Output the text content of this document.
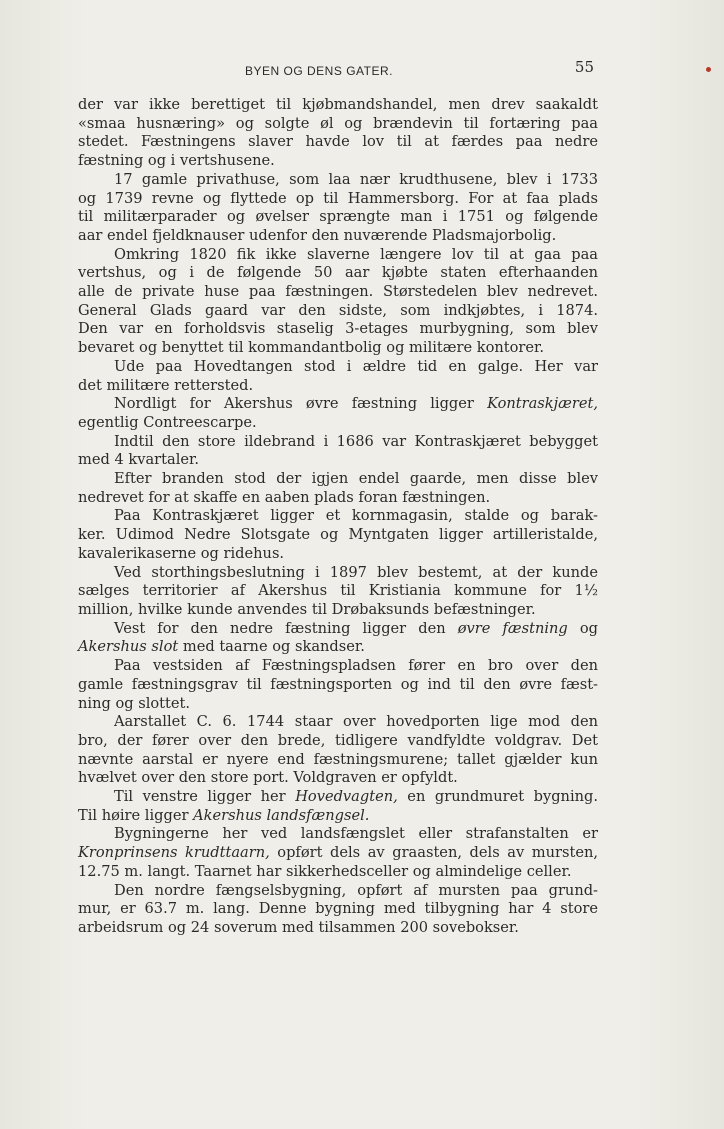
BYEN OG DENS GATER.	55
der var ikke berettiget til kjøbmandshandel, men drev saakaldt
«smaa husnæring» og solgte øl og brændevin til fortæring paa
stedet. Fæstningens slaver havde lov til at færdes paa nedre
fæstning og i vertshusene.
17 gamle privathuse, som laa nær krudthusene, blev i 1733
og 1739 revne og flyttede op til Hammersborg. For at faa plads
til militærparader og øvelser sprængte man i 1751 og følgende
aar endel fjeldknauser udenfor den nuværende Pladsmajorbolig.
Omkring 1820 fik ikke slaverne længere lov til at gaa paa
vertshus, og i de følgende 50 aar kjøbte staten efterhaanden
alle de private huse paa fæstningen. Størstedelen blev nedrevet.
General Glads gaard var den sidste, som indkjøbtes, i 1874.
Den var en forholdsvis staselig 3-etages murbygning, som blev
bevaret og benyttet til kommandantbolig og militære kontorer.
Ude paa Hovedtangen stod i ældre tid en galge. Her var
det militære rettersted.
Nordligt for Akershus øvre fæstning ligger Kontraskjæret,
egentlig Contreescarpe.
Indtil den store ildebrand i 1686 var Kontraskjæret bebygget
med 4 kvartaler.
Efter branden stod der igjen endel gaarde, men disse blev
nedrevet for at skaffe en aaben plads foran fæstningen.
Paa Kontraskjæret ligger et kornmagasin, stalde og barak-
ker. Udimod Nedre Slotsgate og Myntgaten ligger artilleristalde,
kavalerikaserne og ridehus.
Ved storthingsbeslutning i 1897 blev bestemt, at der kunde
sælges territorier af Akershus til Kristiania kommune for 1½
million, hvilke kunde anvendes til Drøbaksunds befæstninger.
Vest for den nedre fæstning ligger den øvre fæstning og
Akershus slot med taarne og skandser.
Paa vestsiden af Fæstningspladsen fører en bro over den
gamle fæstningsgrav til fæstningsporten og ind til den øvre fæst-
ning og slottet.
Aarstallet C. 6. 1744 staar over hovedporten lige mod den
bro, der fører over den brede, tidligere vandfyldte voldgrav. Det
nævnte aarstal er nyere end fæstningsmurene; tallet gjælder kun
hvælvet over den store port. Voldgraven er opfyldt.
Til venstre ligger her Hovedvagten, en grundmuret bygning.
Til høire ligger Akershus landsfængsel.
Bygningerne her ved landsfængslet eller strafanstalten er
Kronprinsens krudttaarn, opført dels av graasten, dels av mursten,
12.75 m. langt. Taarnet har sikkerhedsceller og almindelige celler.
Den nordre fængselsbygning, opført af mursten paa grund-
mur, er 63.7 m. lang. Denne bygning med tilbygning har 4 store
arbeidsrum og 24 soverum med tilsammen 200 sovebokser.
